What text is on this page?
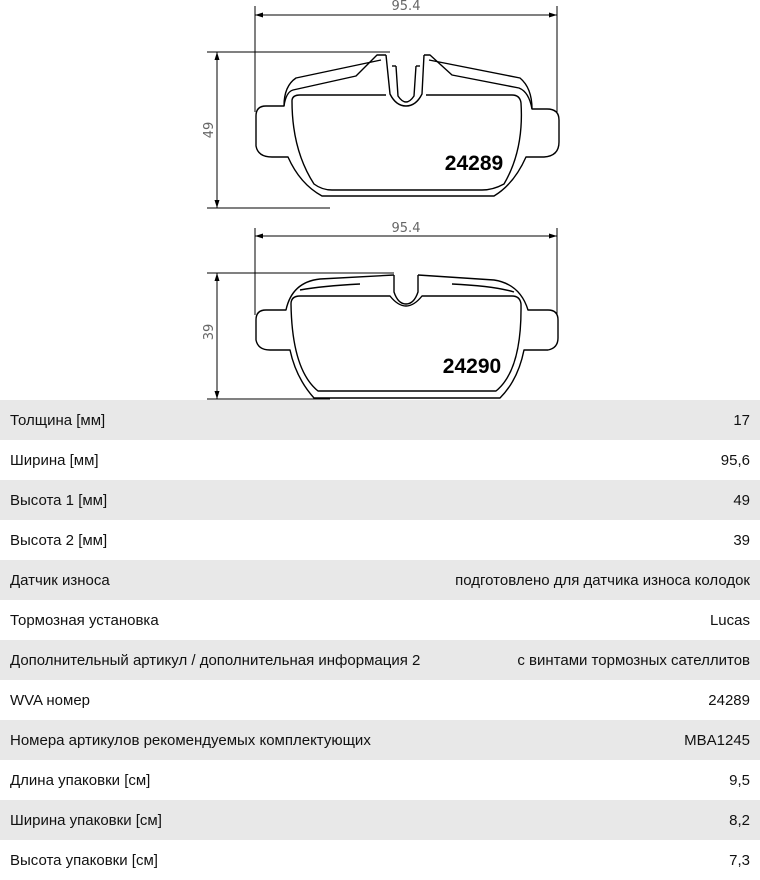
95.4
49
24289
95.4
39
24290
Толщина [мм]	17
Ширина [мм]	95,6
Высота 1 [мм]	49
Высота 2 [мм]	39
Датчик износа	подготовлено для датчика износа колодок
Тормозная установка	Lucas
Дополнительный артикул / дополнительная информация 2	с винтами тормозных сателлитов
WVA номер	24289
Номера артикулов рекомендуемых комплектующих	MBA1245
Длина упаковки [см]	9,5
Ширина упаковки [см]	8,2
Высота упаковки [см]	7,3
